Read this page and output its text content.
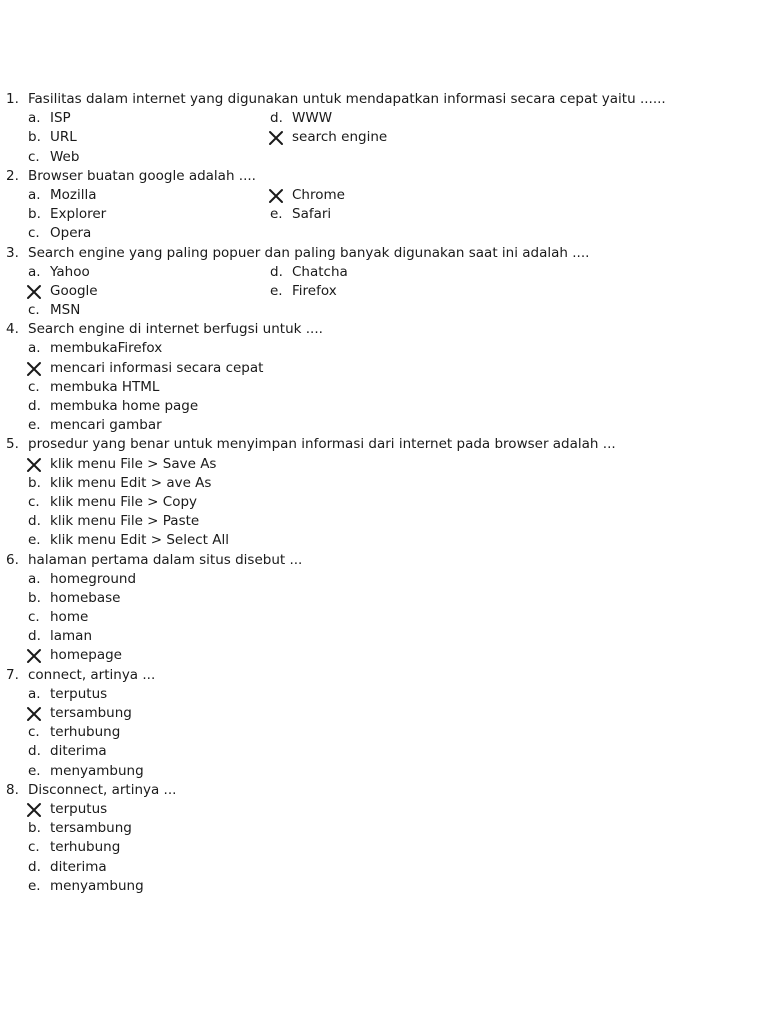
1. Fasilitas dalam internet yang digunakan untuk mendapatkan informasi secara cepat yaitu ......
a. ISP	d. WWW
b. URL	search engine
c. Web
2. Browser buatan google adalah ....
a. Mozilla	Chrome
b. Explorer	e. Safari
c. Opera
3. Search engine yang paling popuer dan paling banyak digunakan saat ini adalah ....
a. Yahoo	d. Chatcha
Google	e. Firefox
c. MSN
4. Search engine di internet berfugsi untuk ....
a. membukaFirefox
mencari informasi secara cepat
c. membuka HTML
d. membuka home page
e. mencari gambar
5. prosedur yang benar untuk menyimpan informasi dari internet pada browser adalah ...
klik menu File > Save As
b. klik menu Edit > ave As
c. klik menu File > Copy
d. klik menu File > Paste
e. klik menu Edit > Select All
6. halaman pertama dalam situs disebut ...
a. homeground
b. homebase
c. home
d. laman
homepage
7. connect, artinya ...
a. terputus
tersambung
c. terhubung
d. diterima
e. menyambung
8. Disconnect, artinya ...
terputus
b. tersambung
c. terhubung
d. diterima
e. menyambung
